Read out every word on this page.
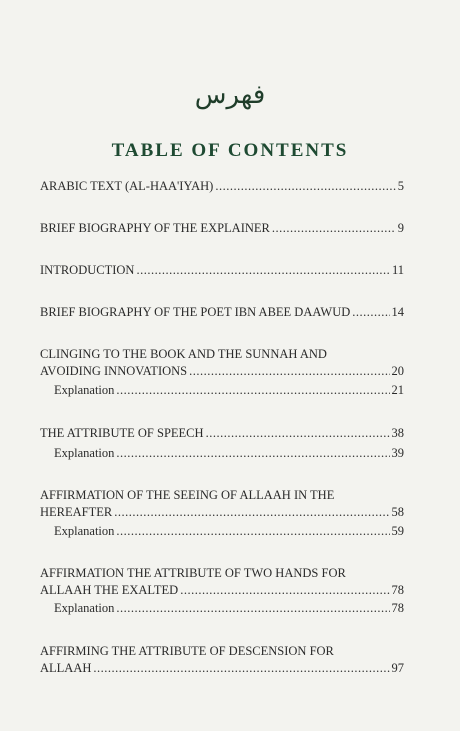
فهرس
TABLE OF CONTENTS
ARABIC TEXT (AL-HAA'IYAH) .....	5
BRIEF BIOGRAPHY OF THE EXPLAINER .....	9
INTRODUCTION .....	11
BRIEF BIOGRAPHY OF THE POET IBN ABEE DAAWUD .....	14
CLINGING TO THE BOOK AND THE SUNNAH AND
AVOIDING INNOVATIONS .....	20
Explanation .....	21
THE ATTRIBUTE OF SPEECH .....	38
Explanation .....	39
AFFIRMATION OF THE SEEING OF ALLAAH IN THE
HEREAFTER .....	58
Explanation .....	59
AFFIRMATION THE ATTRIBUTE OF TWO HANDS FOR
ALLAAH THE EXALTED .....	78
Explanation .....	78
AFFIRMING THE ATTRIBUTE OF DESCENSION FOR
ALLAAH .....	97
